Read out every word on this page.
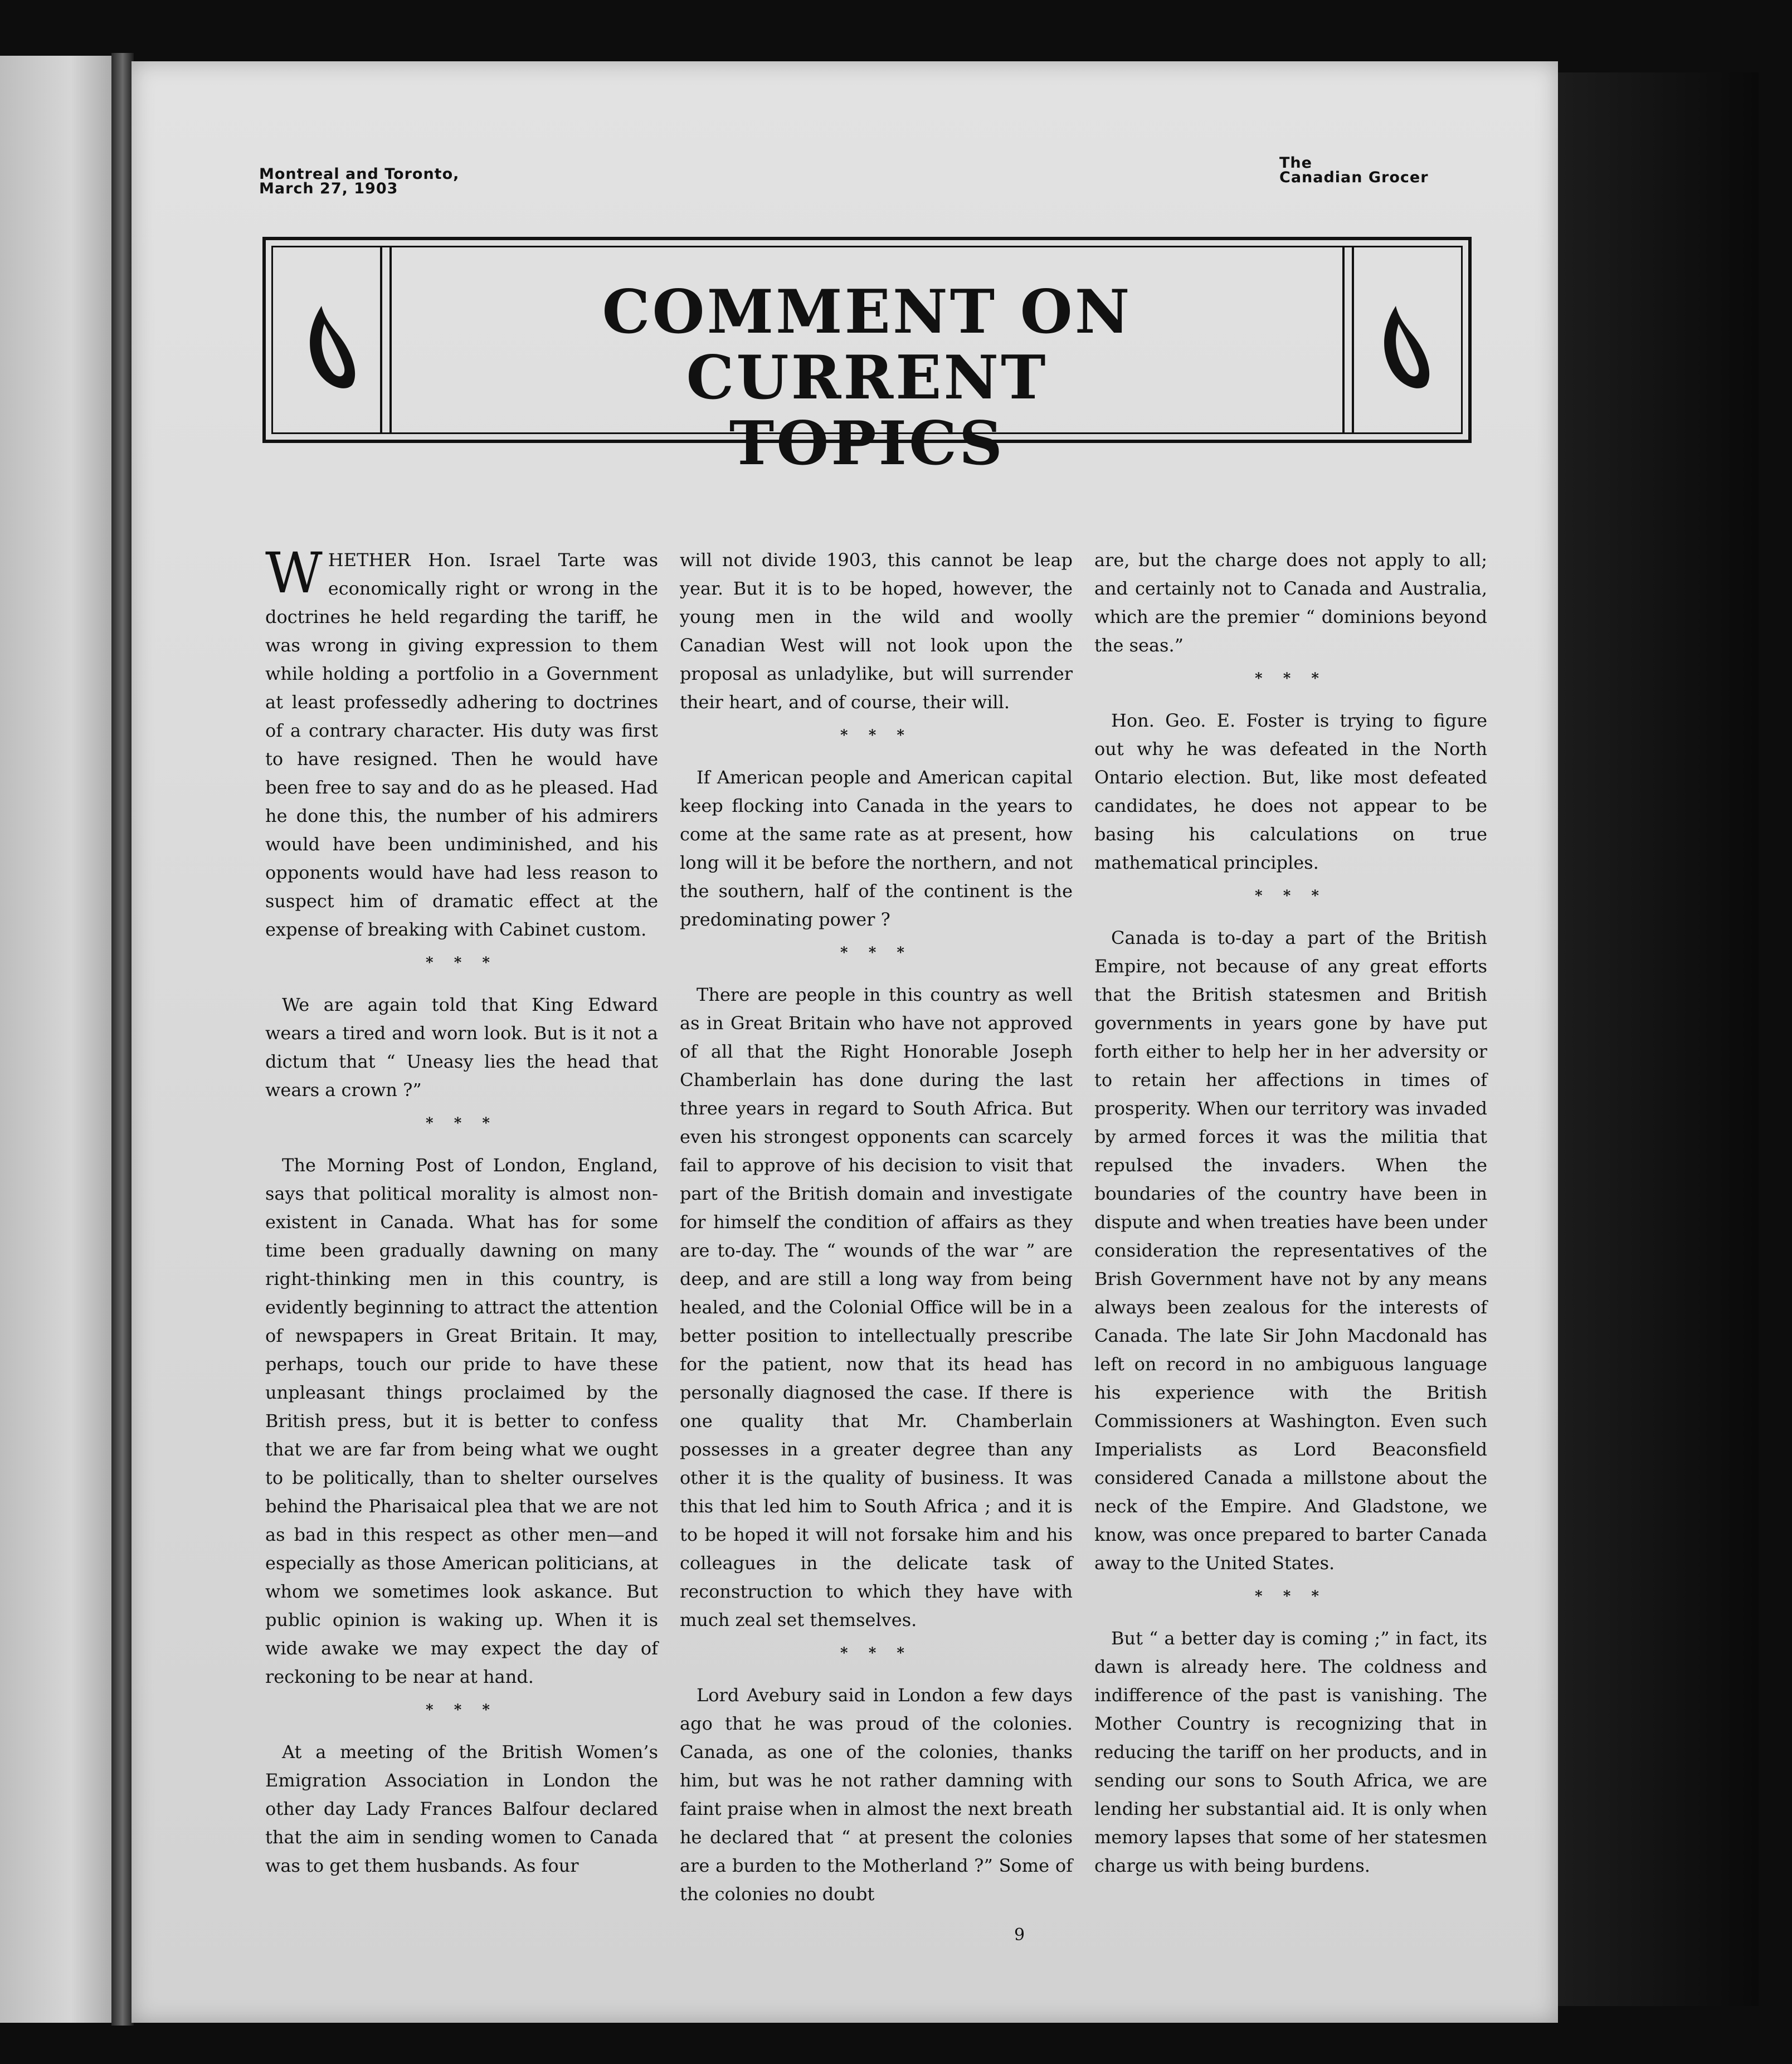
Montreal and Toronto,
March 27, 1903
The
Canadian Grocer
COMMENT ON CURRENT
TOPICS

WHETHER Hon. Israel Tarte was economically right or wrong in the doctrines he held regarding the tariff, he was wrong in giving expression to them while holding a portfolio in a Government at least professedly adhering to doctrines of a contrary character. His duty was first to have resigned. Then he would have been free to say and do as he pleased. Had he done this, the number of his admirers would have been undiminished, and his opponents would have had less reason to suspect him of dramatic effect at the expense of breaking with Cabinet custom.

* * *

We are again told that King Edward wears a tired and worn look. But is it not a dictum that “ Uneasy lies the head that wears a crown ?”

* * *

The Morning Post of London, England, says that political morality is almost non-existent in Canada. What has for some time been gradually dawning on many right-thinking men in this country, is evidently beginning to attract the attention of newspapers in Great Britain. It may, perhaps, touch our pride to have these unpleasant things proclaimed by the British press, but it is better to confess that we are far from being what we ought to be politically, than to shelter ourselves behind the Pharisaical plea that we are not as bad in this respect as other men—and especially as those American politicians, at whom we sometimes look askance. But public opinion is waking up. When it is wide awake we may expect the day of reckoning to be near at hand.

* * *

At a meeting of the British Women’s Emigration Association in London the other day Lady Frances Balfour declared that the aim in sending women to Canada was to get them husbands. As four

will not divide 1903, this cannot be leap year. But it is to be hoped, however, the young men in the wild and woolly Canadian West will not look upon the proposal as unladylike, but will surrender their heart, and of course, their will.

* * *

If American people and American capital keep flocking into Canada in the years to come at the same rate as at present, how long will it be before the northern, and not the southern, half of the continent is the predominating power ?

* * *

There are people in this country as well as in Great Britain who have not approved of all that the Right Honorable Joseph Chamberlain has done during the last three years in regard to South Africa. But even his strongest opponents can scarcely fail to approve of his decision to visit that part of the British domain and investigate for himself the condition of affairs as they are to-day. The “ wounds of the war ” are deep, and are still a long way from being healed, and the Colonial Office will be in a better position to intellectually prescribe for the patient, now that its head has personally diagnosed the case. If there is one quality that Mr. Chamberlain possesses in a greater degree than any other it is the quality of business. It was this that led him to South Africa ; and it is to be hoped it will not forsake him and his colleagues in the delicate task of reconstruction to which they have with much zeal set themselves.

* * *

Lord Avebury said in London a few days ago that he was proud of the colonies. Canada, as one of the colonies, thanks him, but was he not rather damning with faint praise when in almost the next breath he declared that “ at present the colonies are a burden to the Motherland ?” Some of the colonies no doubt

are, but the charge does not apply to all; and certainly not to Canada and Australia, which are the premier “ dominions beyond the seas.”

* * *

Hon. Geo. E. Foster is trying to figure out why he was defeated in the North Ontario election. But, like most defeated candidates, he does not appear to be basing his calculations on true mathematical principles.

* * *

Canada is to-day a part of the British Empire, not because of any great efforts that the British statesmen and British governments in years gone by have put forth either to help her in her adversity or to retain her affections in times of prosperity. When our territory was invaded by armed forces it was the militia that repulsed the invaders. When the boundaries of the country have been in dispute and when treaties have been under consideration the representatives of the Brish Government have not by any means always been zealous for the interests of Canada. The late Sir John Macdonald has left on record in no ambiguous language his experience with the British Commissioners at Washington. Even such Imperialists as Lord Beaconsfield considered Canada a millstone about the neck of the Empire. And Gladstone, we know, was once prepared to barter Canada away to the United States.

* * *

But “ a better day is coming ;” in fact, its dawn is already here. The coldness and indifference of the past is vanishing. The Mother Country is recognizing that in reducing the tariff on her products, and in sending our sons to South Africa, we are lending her substantial aid. It is only when memory lapses that some of her statesmen charge us with being burdens.

9
